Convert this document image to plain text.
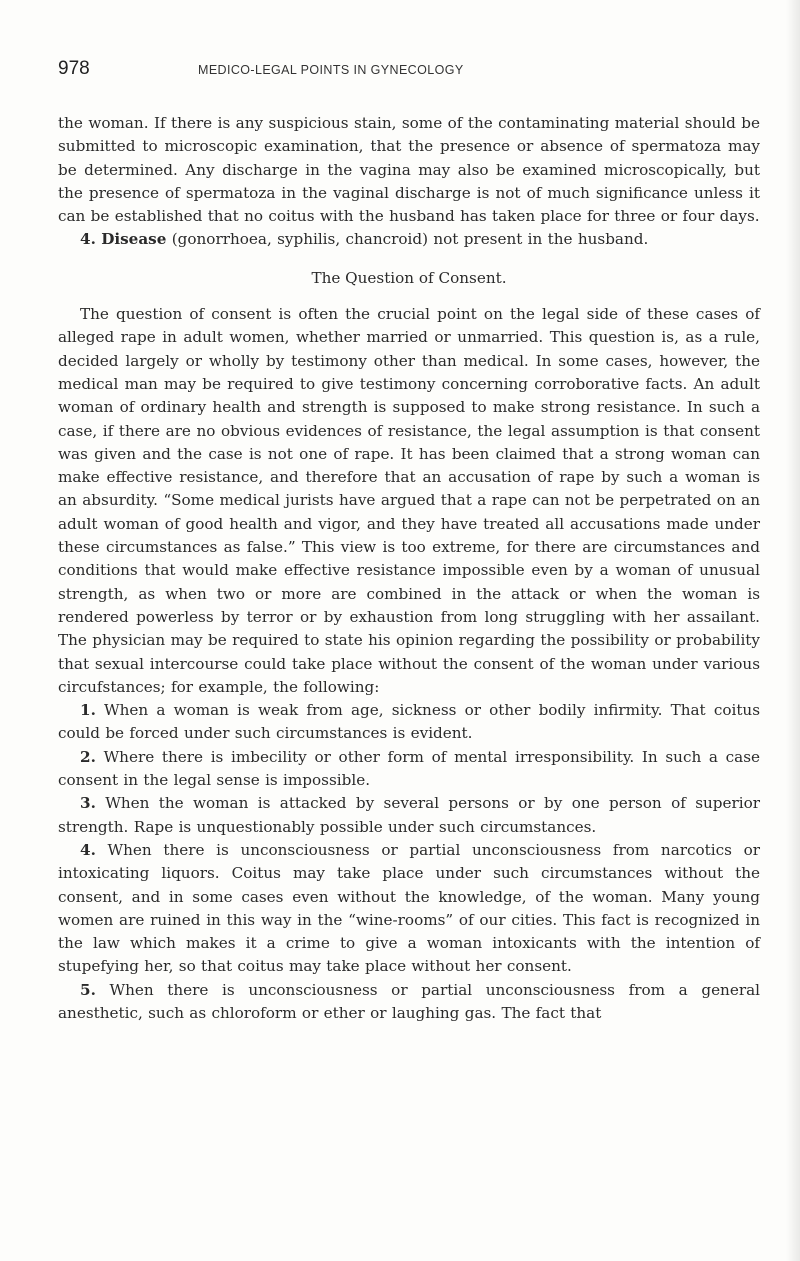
978	MEDICO-LEGAL POINTS IN GYNECOLOGY

the woman. If there is any suspicious stain, some of the contaminating material should be submitted to microscopic examination, that the presence or absence of spermatoza may be determined. Any discharge in the vagina may also be examined microscopically, but the presence of spermatoza in the vaginal discharge is not of much significance unless it can be established that no coitus with the husband has taken place for three or four days.

4. Disease (gonorrhoea, syphilis, chancroid) not present in the husband.

The Question of Consent.

The question of consent is often the crucial point on the legal side of these cases of alleged rape in adult women, whether married or unmarried. This question is, as a rule, decided largely or wholly by testimony other than medical. In some cases, however, the medical man may be required to give testimony concerning corroborative facts. An adult woman of ordinary health and strength is supposed to make strong resistance. In such a case, if there are no obvious evidences of resistance, the legal assumption is that consent was given and the case is not one of rape. It has been claimed that a strong woman can make effective resistance, and therefore that an accusation of rape by such a woman is an absurdity. “Some medical jurists have argued that a rape can not be perpetrated on an adult woman of good health and vigor, and they have treated all accusations made under these circumstances as false.” This view is too extreme, for there are circumstances and conditions that would make effective resistance impossible even by a woman of unusual strength, as when two or more are combined in the attack or when the woman is rendered powerless by terror or by exhaustion from long struggling with her assailant. The physician may be required to state his opinion regarding the possibility or probability that sexual intercourse could take place without the consent of the woman under various circufstances; for example, the following:

1. When a woman is weak from age, sickness or other bodily infirmity. That coitus could be forced under such circumstances is evident.

2. Where there is imbecility or other form of mental irresponsibility. In such a case consent in the legal sense is impossible.

3. When the woman is attacked by several persons or by one person of superior strength. Rape is unquestionably possible under such circumstances.

4. When there is unconsciousness or partial unconsciousness from narcotics or intoxicating liquors. Coitus may take place under such circumstances without the consent, and in some cases even without the knowledge, of the woman. Many young women are ruined in this way in the “wine-rooms” of our cities. This fact is recognized in the law which makes it a crime to give a woman intoxicants with the intention of stupefying her, so that coitus may take place without her consent.

5. When there is unconsciousness or partial unconsciousness from a general anesthetic, such as chloroform or ether or laughing gas. The fact that
